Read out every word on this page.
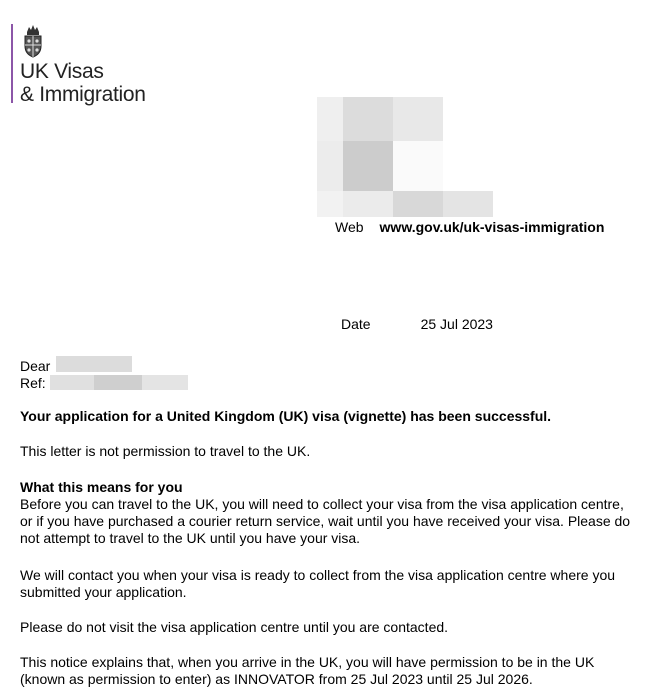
UK Visas
& Immigration
Web www.gov.uk/uk-visas-immigration
Date	25 Jul 2023
Dear
Ref:
Your application for a United Kingdom (UK) visa (vignette) has been successful.
This letter is not permission to travel to the UK.
What this means for you
Before you can travel to the UK, you will need to collect your visa from the visa application centre, or if you have purchased a courier return service, wait until you have received your visa. Please do not attempt to travel to the UK until you have your visa.
We will contact you when your visa is ready to collect from the visa application centre where you submitted your application.
Please do not visit the visa application centre until you are contacted.
This notice explains that, when you arrive in the UK, you will have permission to be in the UK (known as permission to enter) as INNOVATOR from 25 Jul 2023 until 25 Jul 2026.
